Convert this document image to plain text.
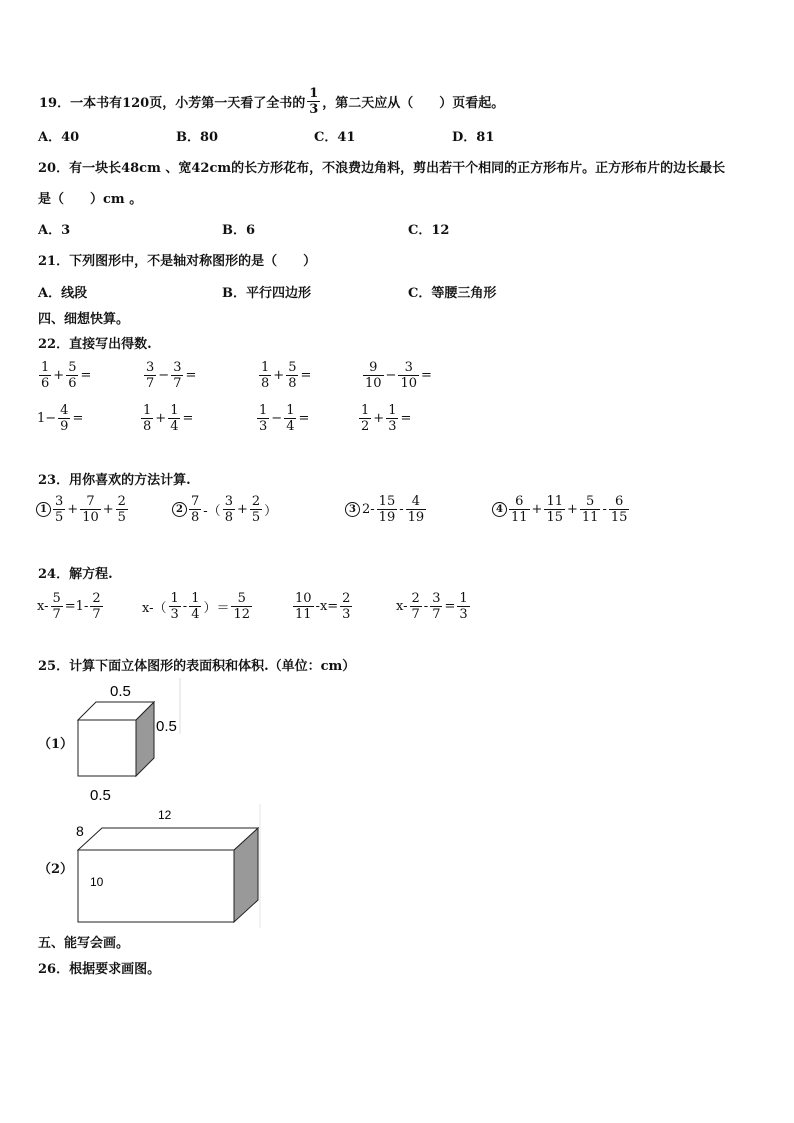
19．一本书有120页，小芳第一天看了全书的 $\frac{1}{3}$ ，第二天应从（　　）页看起。
A．40	B．80	C．41	D．81
20．有一块长48cm 、宽42cm的长方形花布，不浪费边角料，剪出若干个相同的正方形布片。正方形布片的边长最长
是（　　）cm 。
A．3	B．6	C．12
21．下列图形中，不是轴对称图形的是（　　）
A．线段	B．平行四边形	C．等腰三角形
四、细想快算。
22．直接写出得数.
$\frac{1}{6} + \frac{5}{6}$ =	$\frac{3}{7} - \frac{3}{7}$ =	$\frac{1}{8} + \frac{5}{8}$ =	$\frac{9}{10} - \frac{3}{10}$ =
$1- \frac{4}{9}$ =	$\frac{1}{8} + \frac{1}{4}$ =	$\frac{1}{3} - \frac{1}{4}$ =	$\frac{1}{2} + \frac{1}{3}$ =
23．用你喜欢的方法计算.
$1 \frac{3}{5} + \frac{7}{10} + \frac{2}{5}$	$2 \frac{7}{8}$ -（ $\frac{3}{8} + \frac{2}{5}$ ）	3 $2- \frac{15}{19} - \frac{4}{19}$	$4 \frac{6}{11} + \frac{11}{15} + \frac{5}{11} - \frac{6}{15}$
24．解方程.
$x- \frac{5}{7} =1- \frac{2}{7}$	$x-( \frac{1}{3} - \frac{1}{4}$ ）＝ $\frac{5}{12}$	$\frac{10}{11} -x= \frac{2}{3}$	$x- \frac{2}{7} - \frac{3}{7} = \frac{1}{3}$
25．计算下面立体图形的表面积和体积.（单位：cm）
（1）
0.5
0.5
0.5
（2）
12
8
10
五、能写会画。
26．根据要求画图。
